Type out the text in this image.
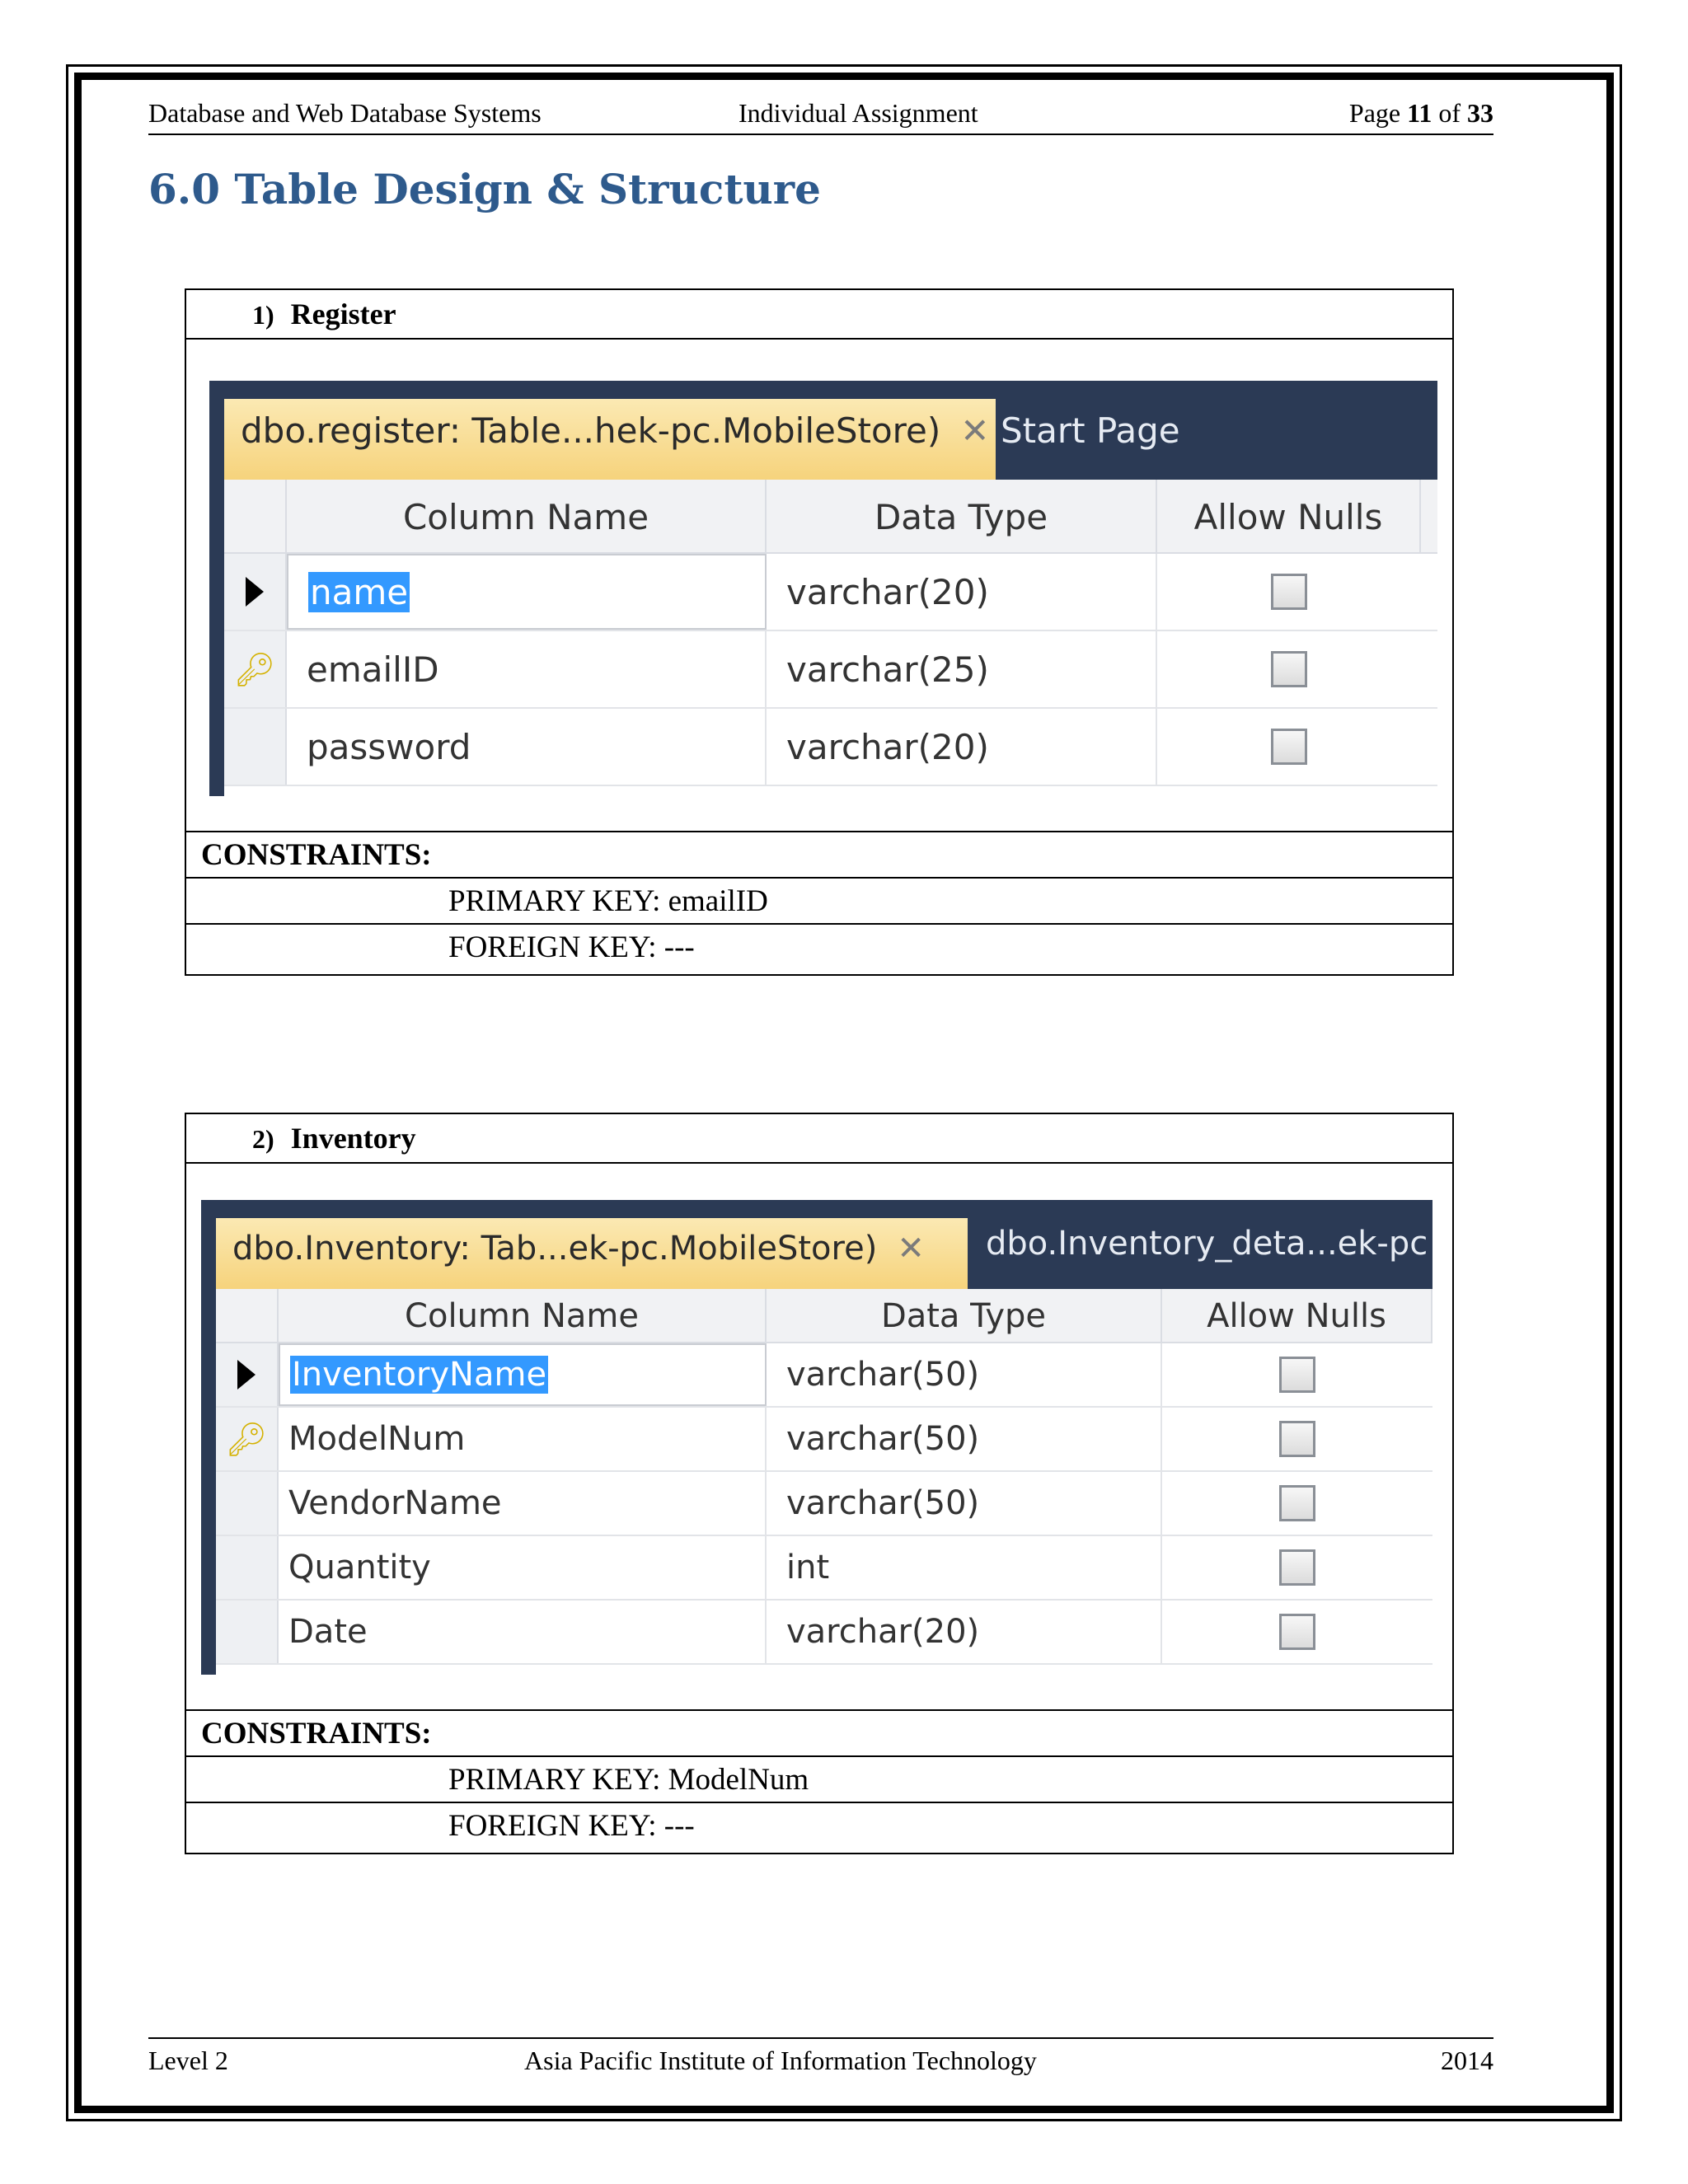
Database and Web Database Systems	Individual Assignment	Page 11 of 33
6.0 Table Design & Structure
1) Register
dbo.register: Table...hek-pc.MobileStore) ✕ Start Page
Column Name	Data Type	Allow Nulls
name	varchar(20)
🔑︎ emailID	varchar(25)
password	varchar(20)
CONSTRAINTS:
PRIMARY KEY: emailID
FOREIGN KEY: ---
2) Inventory
dbo.Inventory: Tab...ek-pc.MobileStore) ✕	dbo.Inventory_deta...ek-pc
Column Name	Data Type	Allow Nulls
InventoryName	varchar(50)
🔑︎ ModelNum	varchar(50)
VendorName	varchar(50)
Quantity	int
Date	varchar(20)
CONSTRAINTS:
PRIMARY KEY: ModelNum
FOREIGN KEY: ---
Level 2	Asia Pacific Institute of Information Technology	2014
